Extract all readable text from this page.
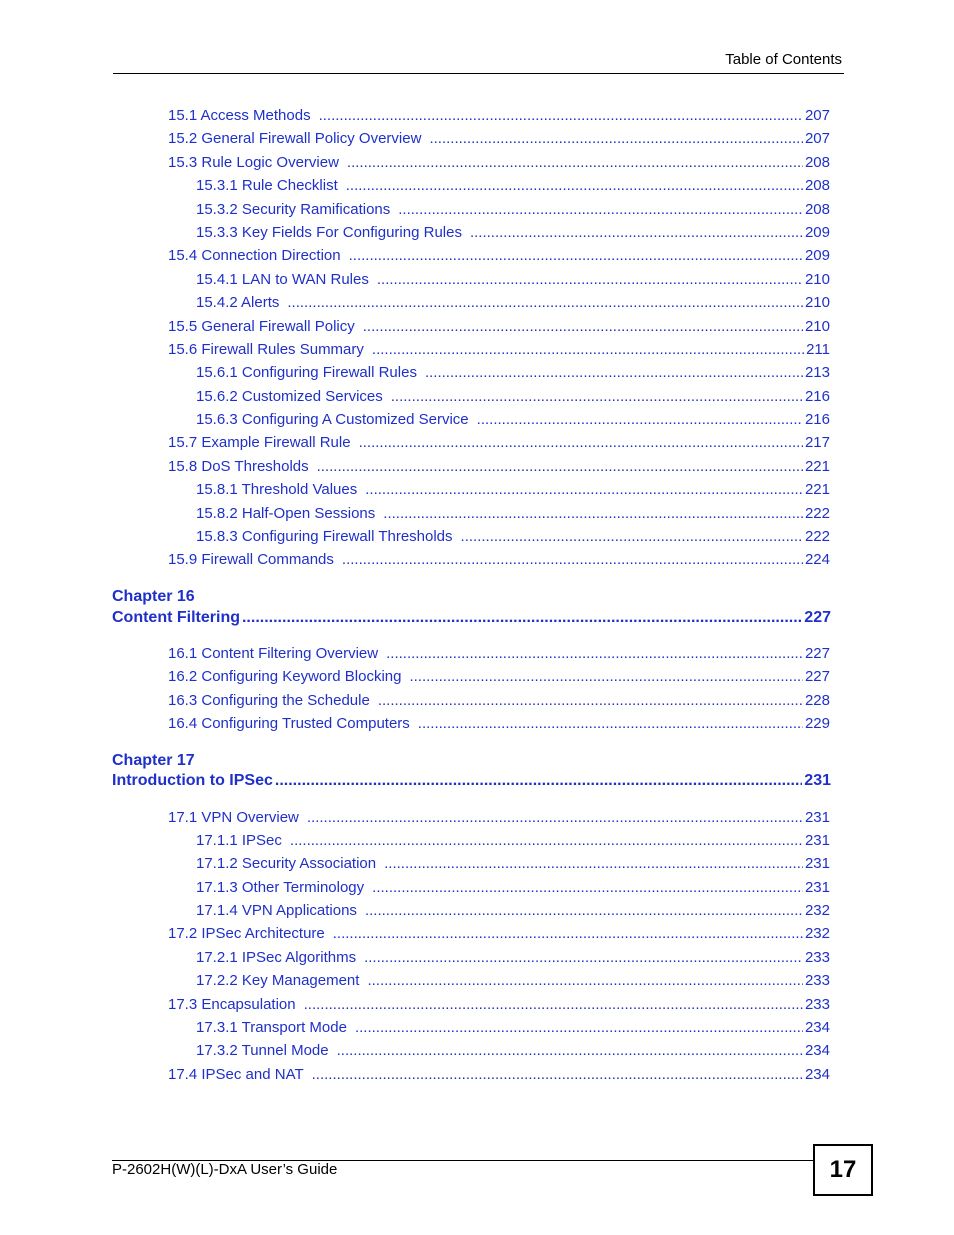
Table of Contents
15.1 Access Methods .....	207
15.2 General Firewall Policy Overview .....	207
15.3 Rule Logic Overview .....	208
15.3.1 Rule Checklist .....	208
15.3.2 Security Ramifications .....	208
15.3.3 Key Fields For Configuring Rules .....	209
15.4 Connection Direction .....	209
15.4.1 LAN to WAN Rules .....	210
15.4.2 Alerts .....	210
15.5 General Firewall Policy .....	210
15.6 Firewall Rules Summary .....	211
15.6.1 Configuring Firewall Rules .....	213
15.6.2 Customized Services .....	216
15.6.3 Configuring A Customized Service .....	216
15.7 Example Firewall Rule .....	217
15.8 DoS Thresholds .....	221
15.8.1 Threshold Values .....	221
15.8.2 Half-Open Sessions .....	222
15.8.3 Configuring Firewall Thresholds .....	222
15.9 Firewall Commands .....	224
Chapter 16
Content Filtering .....	227
16.1 Content Filtering Overview .....	227
16.2 Configuring Keyword Blocking .....	227
16.3 Configuring the Schedule .....	228
16.4 Configuring Trusted Computers .....	229
Chapter 17
Introduction to IPSec .....	231
17.1 VPN Overview .....	231
17.1.1 IPSec .....	231
17.1.2 Security Association .....	231
17.1.3 Other Terminology .....	231
17.1.4 VPN Applications .....	232
17.2 IPSec Architecture .....	232
17.2.1 IPSec Algorithms .....	233
17.2.2 Key Management .....	233
17.3 Encapsulation .....	233
17.3.1 Transport Mode .....	234
17.3.2 Tunnel Mode .....	234
17.4 IPSec and NAT .....	234
P-2602H(W)(L)-DxA User’s Guide	17
